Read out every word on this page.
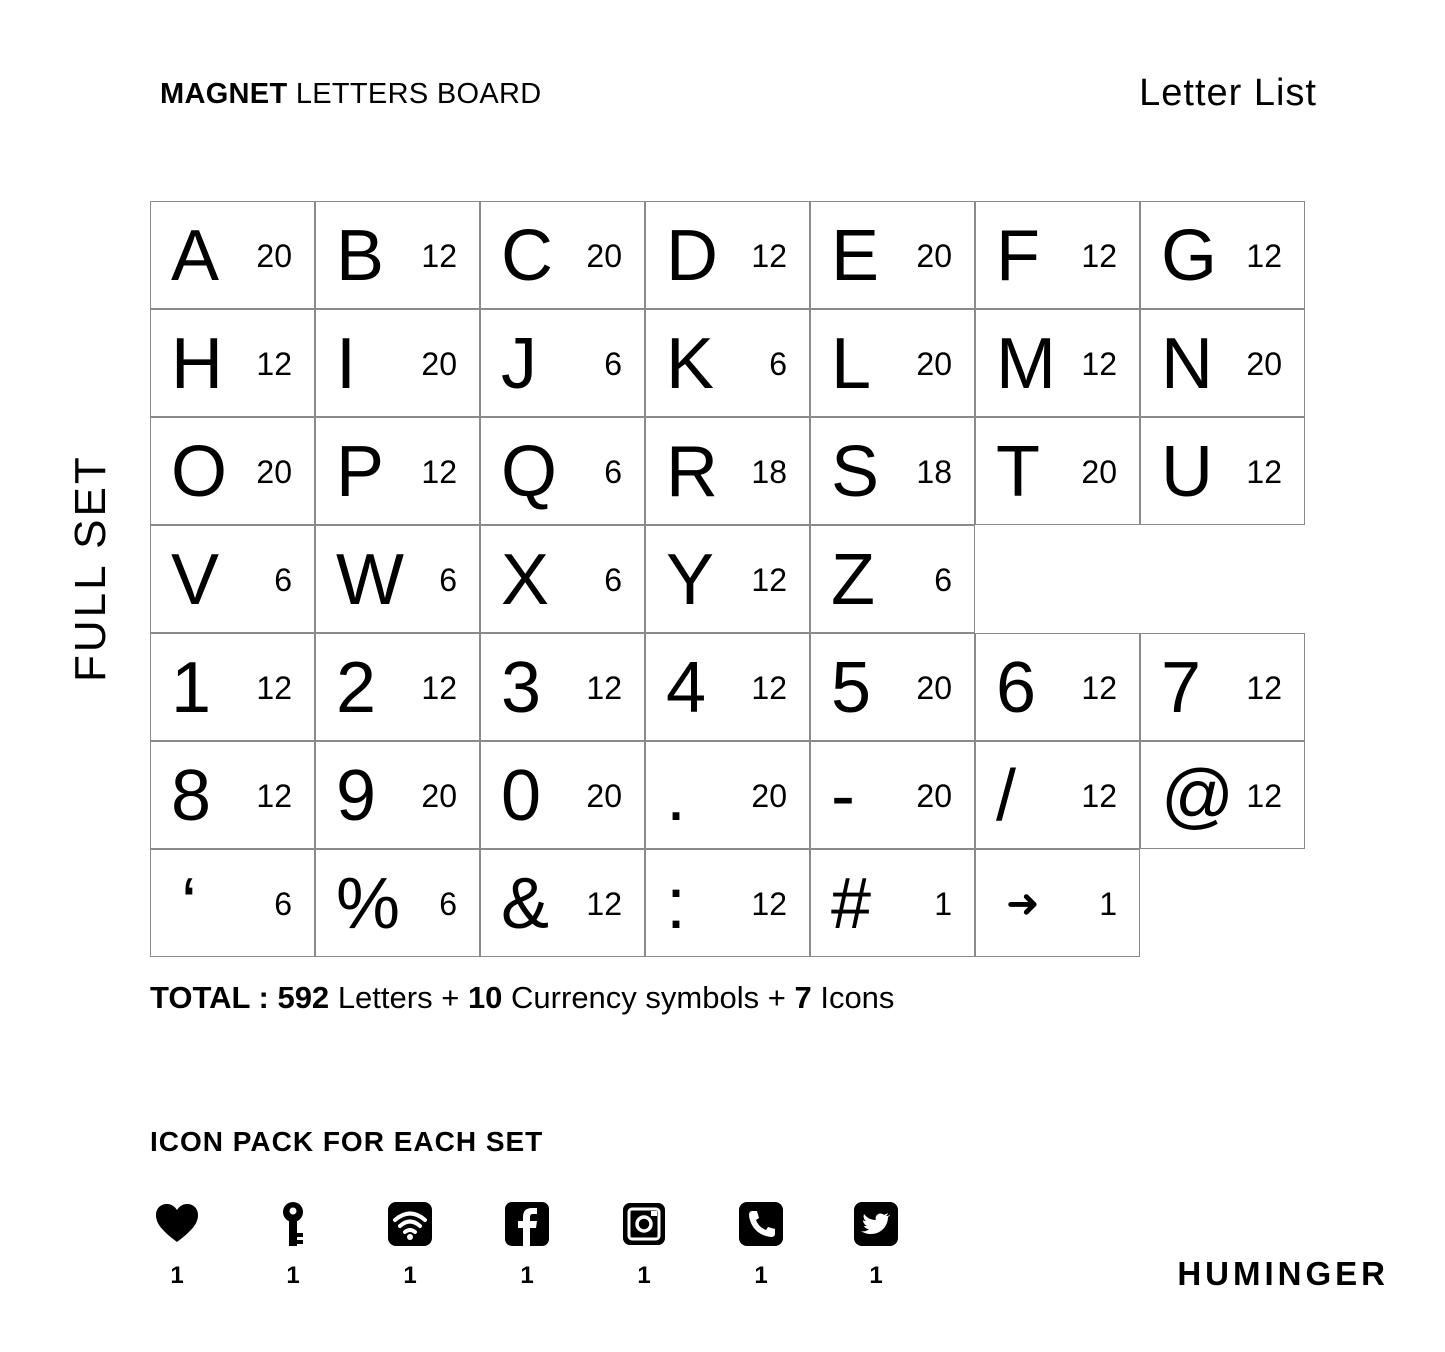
MAGNET LETTERS BOARD	Letter List
FULL SET
A 20 B 12 C 20 D 12 E 20 F 12 G 12
H 12 I 20 J 6 K 6 L 20 M 12 N 20
O 20 P 12 Q 6 R 18 S 18 T 20 U 12
V 6 W 6 X 6 Y 12 Z 6
1 12 2 12 3 12 4 12 5 20 6 12 7 12
8 12 9 20 0 20 . 20 - 20 / 12 @ 12
‘ 6 % 6 & 12 : 12 # 1 ➜ 1
TOTAL : 592 Letters + 10 Currency symbols + 7 Icons
ICON PACK FOR EACH SET
1	1	1	1	1	1	1	HUMINGER
